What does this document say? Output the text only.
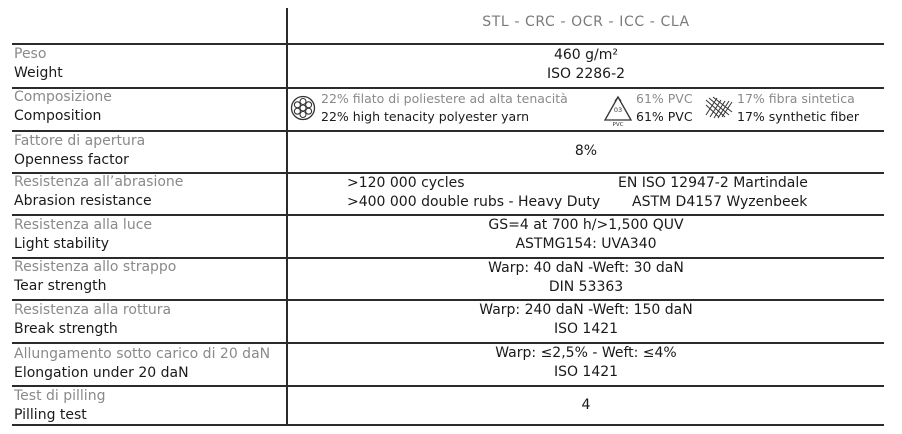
STL - CRC - OCR - ICC - CLA
Peso
Weight
460 g/m²
ISO 2286-2
Composizione
Composition
22% filato di poliestere ad alta tenacità
22% high tenacity polyester yarn	03
PVC
61% PVC
61% PVC
17% fibra sintetica
17% synthetic fiber
Fattore di apertura
Openness factor
8%
Resistenza all’abrasione
Abrasion resistance
>120 000 cycles	EN ISO 12947-2 Martindale
>400 000 double rubs - Heavy Duty ASTM D4157 Wyzenbeek
Resistenza alla luce
Light stability
GS=4 at 700 h/>1,500 QUV
ASTMG154: UVA340
Resistenza allo strappo
Tear strength
Warp: 40 daN -Weft: 30 daN
DIN 53363
Resistenza alla rottura
Break strength
Warp: 240 daN -Weft: 150 daN
ISO 1421
Allungamento sotto carico di 20 daN
Elongation under 20 daN
Warp: ≤2,5% - Weft: ≤4%
ISO 1421
Test di pilling
Pilling test
4
